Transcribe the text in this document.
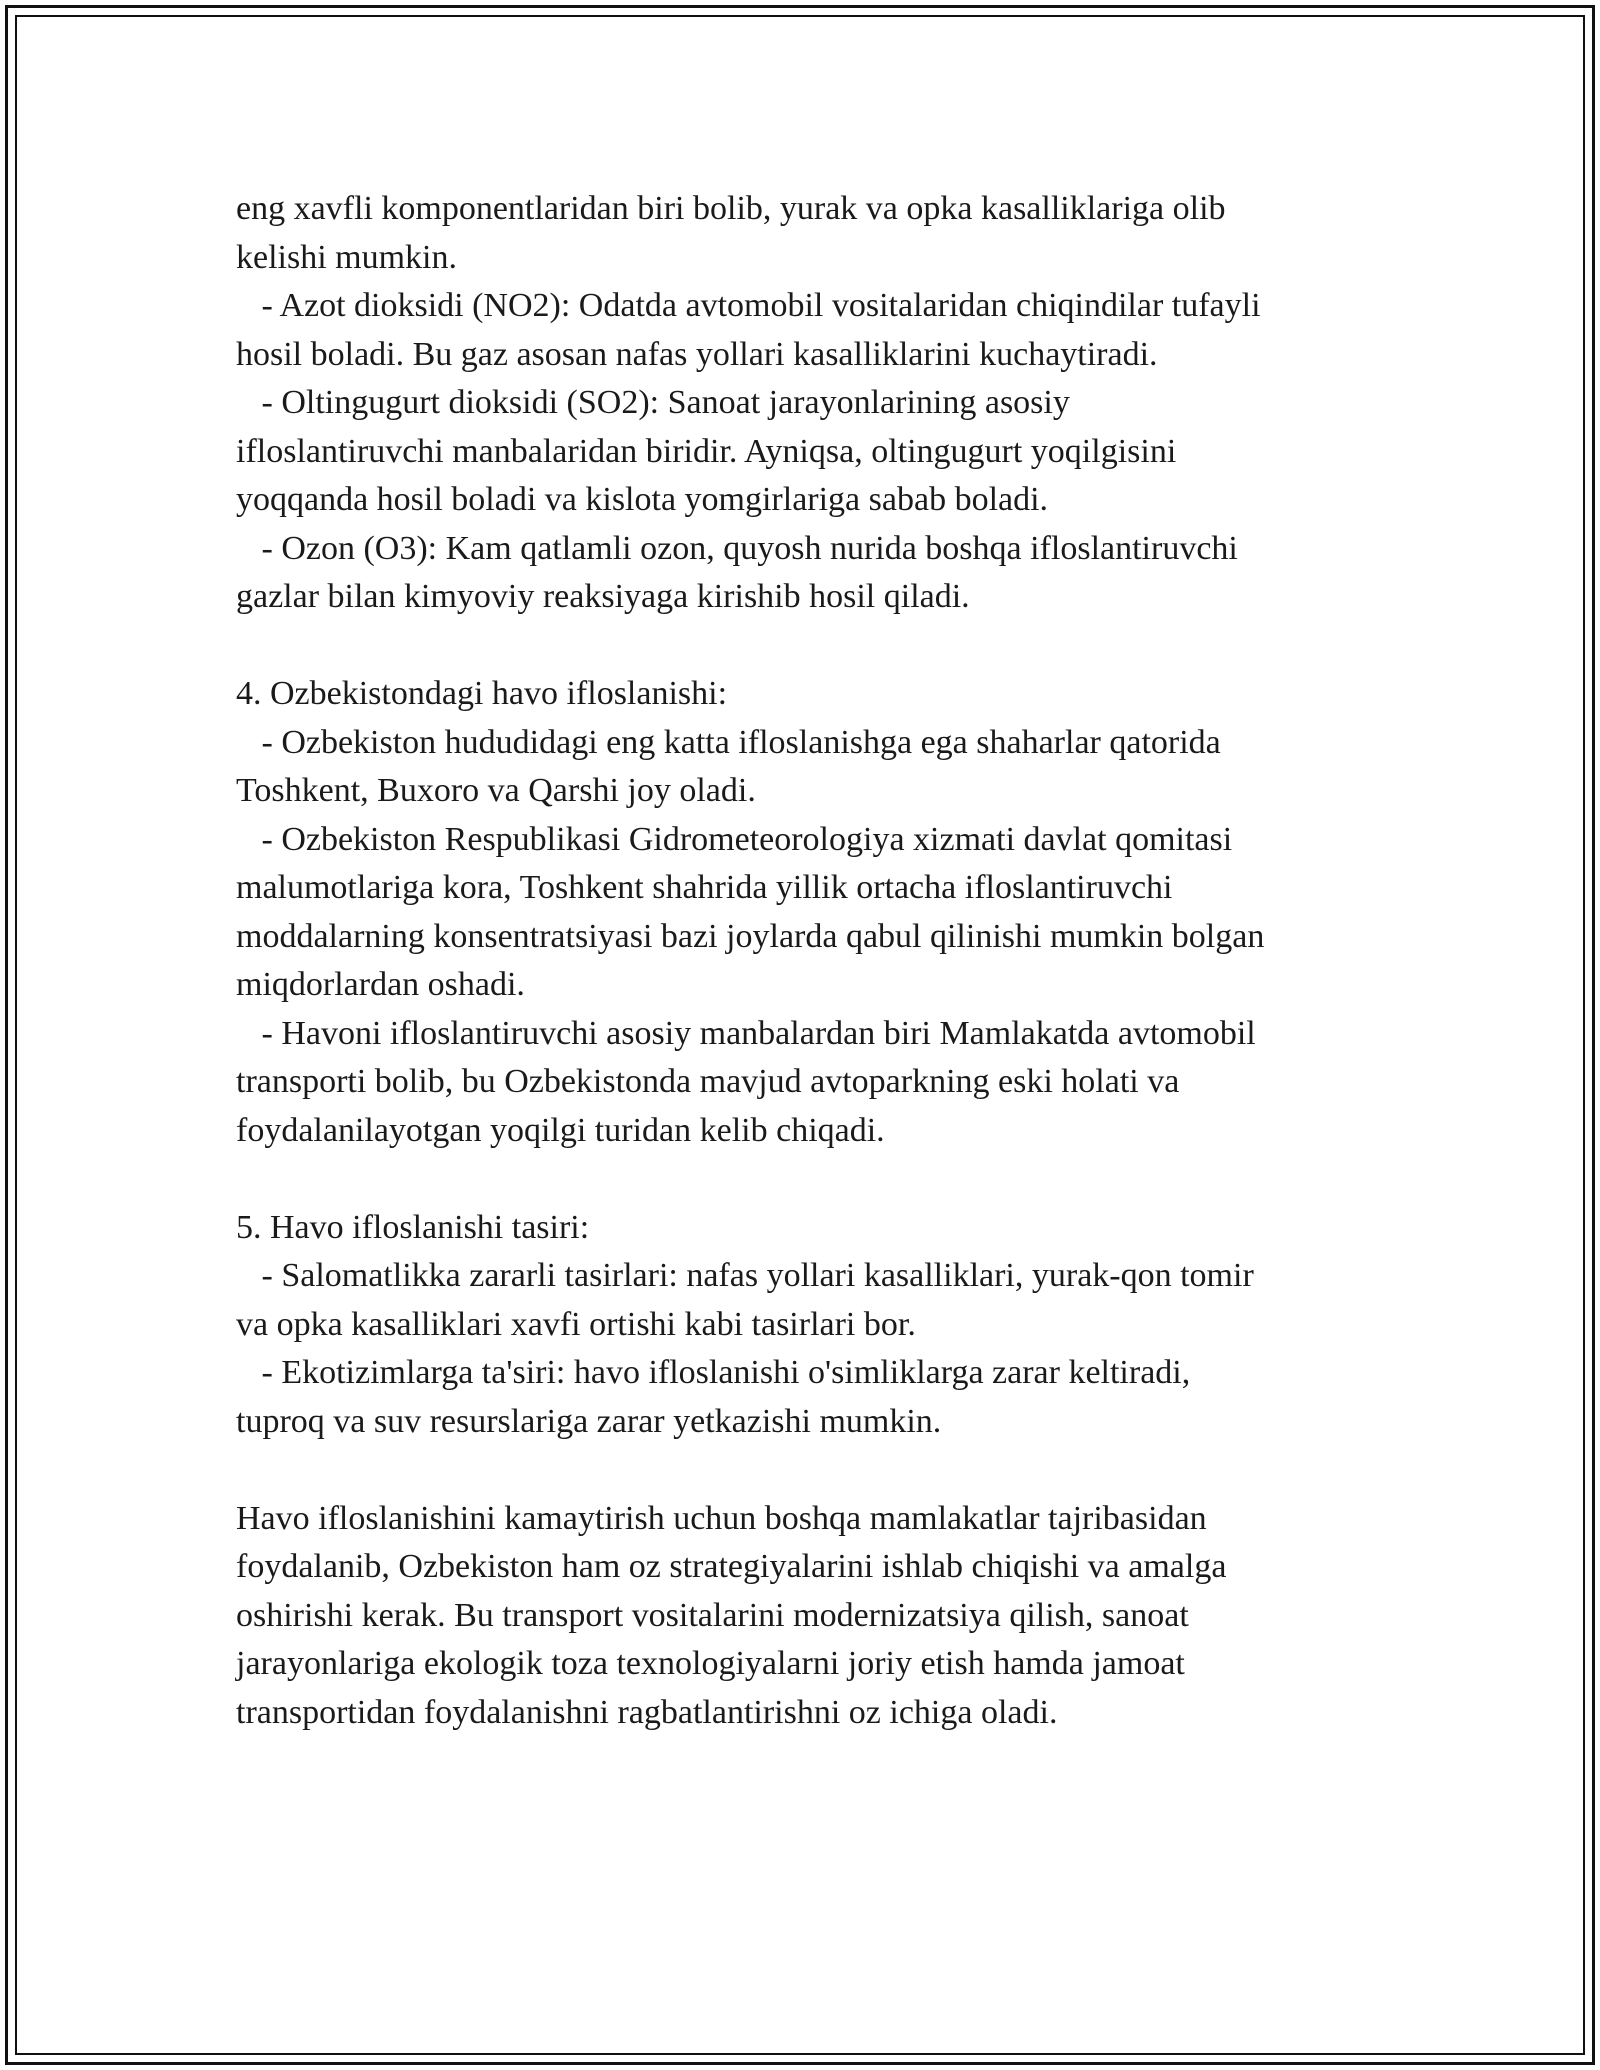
eng xavfli komponentlaridan biri bolib, yurak va opka kasalliklariga olib
kelishi mumkin.
- Azot dioksidi (NO2): Odatda avtomobil vositalaridan chiqindilar tufayli
hosil boladi. Bu gaz asosan nafas yollari kasalliklarini kuchaytiradi.
- Oltingugurt dioksidi (SO2): Sanoat jarayonlarining asosiy
ifloslantiruvchi manbalaridan biridir. Ayniqsa, oltingugurt yoqilgisini
yoqqanda hosil boladi va kislota yomgirlariga sabab boladi.
- Ozon (O3): Kam qatlamli ozon, quyosh nurida boshqa ifloslantiruvchi
gazlar bilan kimyoviy reaksiyaga kirishib hosil qiladi.
4. Ozbekistondagi havo ifloslanishi:
- Ozbekiston hududidagi eng katta ifloslanishga ega shaharlar qatorida
Toshkent, Buxoro va Qarshi joy oladi.
- Ozbekiston Respublikasi Gidrometeorologiya xizmati davlat qomitasi
malumotlariga kora, Toshkent shahrida yillik ortacha ifloslantiruvchi
moddalarning konsentratsiyasi bazi joylarda qabul qilinishi mumkin bolgan
miqdorlardan oshadi.
- Havoni ifloslantiruvchi asosiy manbalardan biri Mamlakatda avtomobil
transporti bolib, bu Ozbekistonda mavjud avtoparkning eski holati va
foydalanilayotgan yoqilgi turidan kelib chiqadi.
5. Havo ifloslanishi tasiri:
- Salomatlikka zararli tasirlari: nafas yollari kasalliklari, yurak-qon tomir
va opka kasalliklari xavfi ortishi kabi tasirlari bor.
- Ekotizimlarga ta'siri: havo ifloslanishi o'simliklarga zarar keltiradi,
tuproq va suv resurslariga zarar yetkazishi mumkin.
Havo ifloslanishini kamaytirish uchun boshqa mamlakatlar tajribasidan
foydalanib, Ozbekiston ham oz strategiyalarini ishlab chiqishi va amalga
oshirishi kerak. Bu transport vositalarini modernizatsiya qilish, sanoat
jarayonlariga ekologik toza texnologiyalarni joriy etish hamda jamoat
transportidan foydalanishni ragbatlantirishni oz ichiga oladi.
